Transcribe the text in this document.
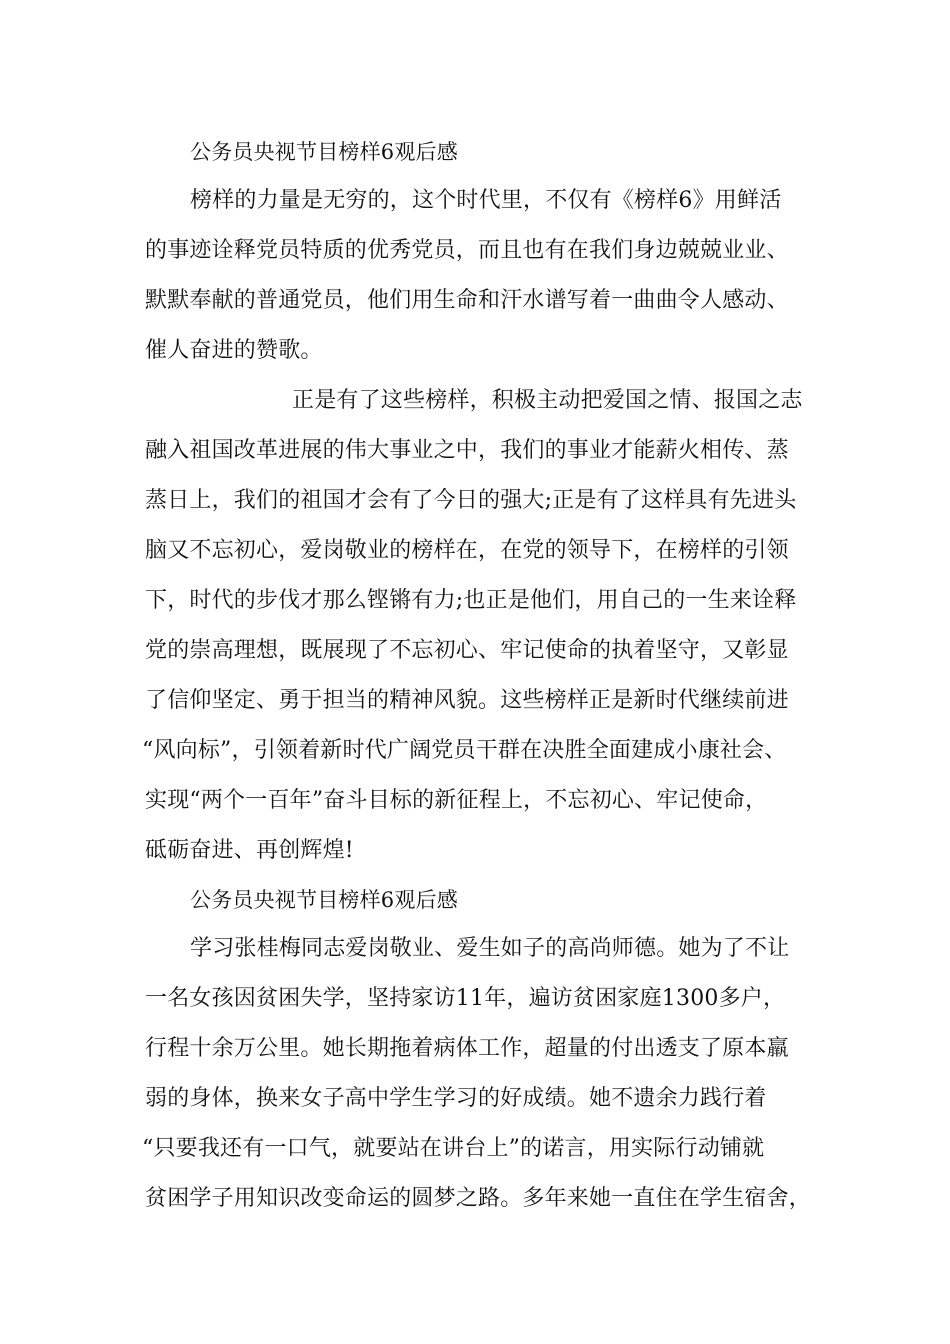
公务员央视节目榜样6观后感
榜样的力量是无穷的，这个时代里，不仅有《榜样6》用鲜活
的事迹诠释党员特质的优秀党员，而且也有在我们身边兢兢业业、
默默奉献的普通党员，他们用生命和汗水谱写着一曲曲令人感动、
催人奋进的赞歌。
正是有了这些榜样，积极主动把爱国之情、报国之志
融入祖国改革进展的伟大事业之中，我们的事业才能薪火相传、蒸
蒸日上，我们的祖国才会有了今日的强大;正是有了这样具有先进头
脑又不忘初心，爱岗敬业的榜样在，在党的领导下，在榜样的引领
下，时代的步伐才那么铿锵有力;也正是他们，用自己的一生来诠释
党的崇高理想，既展现了不忘初心、牢记使命的执着坚守，又彰显
了信仰坚定、勇于担当的精神风貌。这些榜样正是新时代继续前进
“风向标”，引领着新时代广阔党员干群在决胜全面建成小康社会、
实现“两个一百年”奋斗目标的新征程上，不忘初心、牢记使命，
砥砺奋进、再创辉煌!
公务员央视节目榜样6观后感
学习张桂梅同志爱岗敬业、爱生如子的高尚师德。她为了不让
一名女孩因贫困失学，坚持家访11年，遍访贫困家庭1300多户，
行程十余万公里。她长期拖着病体工作，超量的付出透支了原本羸
弱的身体，换来女子高中学生学习的好成绩。她不遗余力践行着
“只要我还有一口气，就要站在讲台上”的诺言，用实际行动铺就
贫困学子用知识改变命运的圆梦之路。多年来她一直住在学生宿舍，
